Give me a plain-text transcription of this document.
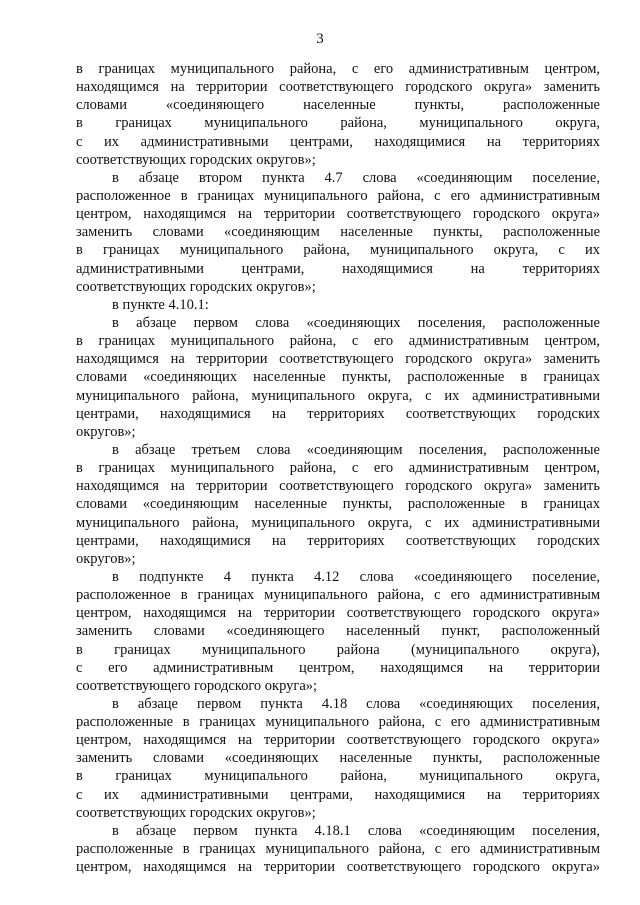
3
в границах муниципального района, с его административным центром,
находящимся на территории соответствующего городского округа» заменить
словами «соединяющего населенные пункты, расположенные
в границах муниципального района, муниципального округа,
с их административными центрами, находящимися на территориях
соответствующих городских округов»;
в абзаце втором пункта 4.7 слова «соединяющим поселение,
расположенное в границах муниципального района, с его административным
центром, находящимся на территории соответствующего городского округа»
заменить словами «соединяющим населенные пункты, расположенные
в границах муниципального района, муниципального округа, с их
административными центрами, находящимися на территориях
соответствующих городских округов»;
в пункте 4.10.1:
в абзаце первом слова «соединяющих поселения, расположенные
в границах муниципального района, с его административным центром,
находящимся на территории соответствующего городского округа» заменить
словами «соединяющих населенные пункты, расположенные в границах
муниципального района, муниципального округа, с их административными
центрами, находящимися на территориях соответствующих городских
округов»;
в абзаце третьем слова «соединяющим поселения, расположенные
в границах муниципального района, с его административным центром,
находящимся на территории соответствующего городского округа» заменить
словами «соединяющим населенные пункты, расположенные в границах
муниципального района, муниципального округа, с их административными
центрами, находящимися на территориях соответствующих городских
округов»;
в подпункте 4 пункта 4.12 слова «соединяющего поселение,
расположенное в границах муниципального района, с его административным
центром, находящимся на территории соответствующего городского округа»
заменить словами «соединяющего населенный пункт, расположенный
в границах муниципального района (муниципального округа),
с его административным центром, находящимся на территории
соответствующего городского округа»;
в абзаце первом пункта 4.18 слова «соединяющих поселения,
расположенные в границах муниципального района, с его административным
центром, находящимся на территории соответствующего городского округа»
заменить словами «соединяющих населенные пункты, расположенные
в границах муниципального района, муниципального округа,
с их административными центрами, находящимися на территориях
соответствующих городских округов»;
в абзаце первом пункта 4.18.1 слова «соединяющим поселения,
расположенные в границах муниципального района, с его административным
центром, находящимся на территории соответствующего городского округа»
